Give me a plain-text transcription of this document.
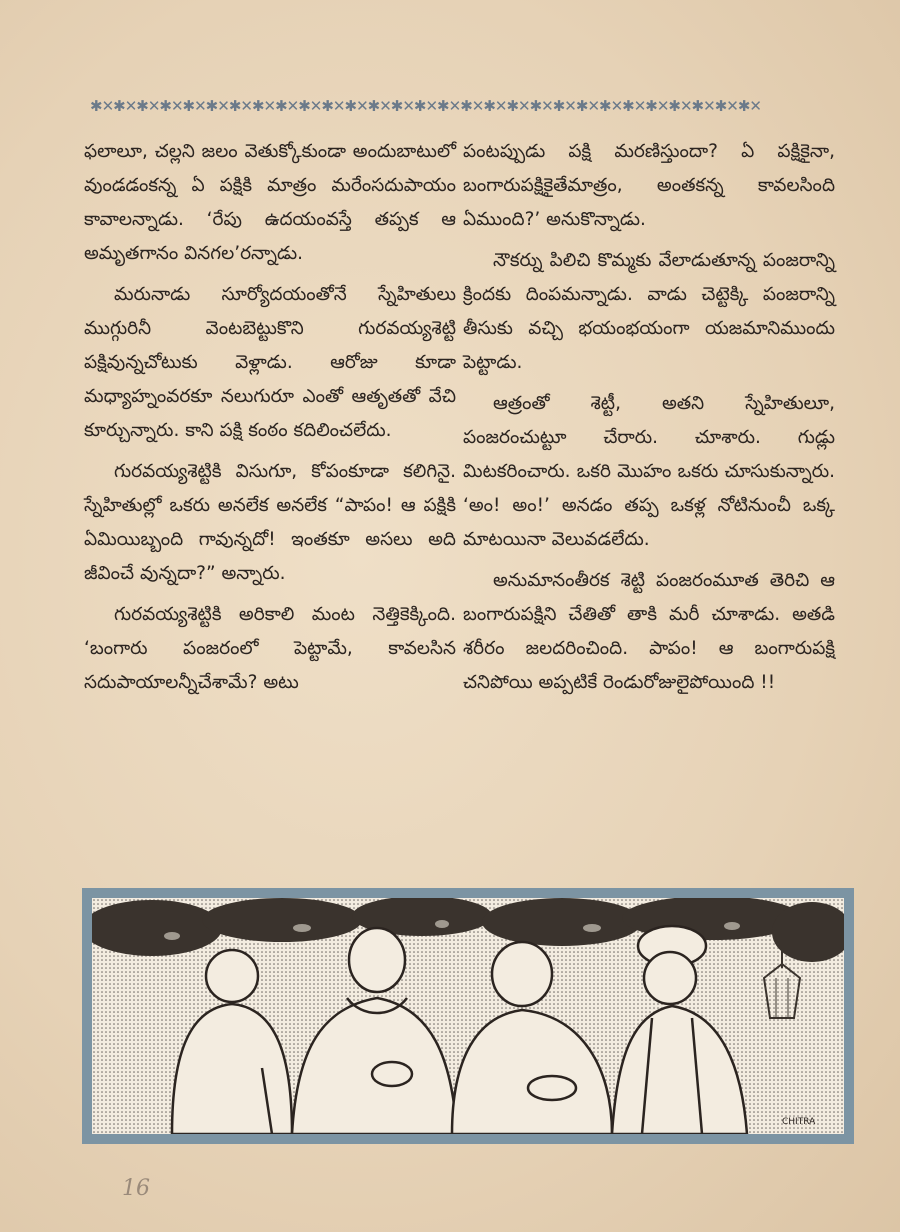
✱✕✱✕✱✕✱✕✱✕✱✕✱✕✱✕✱✕✱✕✱✕✱✕✱✕✱✕✱✕✱✕✱✕✱✕✱✕✱✕✱✕✱✕✱✕✱✕✱✕✱✕✱✕✱✕✱✕

ఫలాలూ, చల్లని జలం వెతుక్కోకుండా అందుబాటులో వుండడంకన్న ఏ పక్షికి మాత్రం మరేంసదుపాయం కావాలన్నాడు. ‘రేపు ఉదయంవస్తే తప్పక ఆ అమృతగానం వినగల’రన్నాడు.

మరునాడు సూర్యోదయంతోనే స్నేహితులు ముగ్గురినీ వెంటబెట్టుకొని గురవయ్యశెట్టి పక్షివున్నచోటుకు వెళ్లాడు. ఆరోజు కూడా మధ్యాహ్నంవరకూ నలుగురూ ఎంతో ఆతృతతో వేచి కూర్చున్నారు. కాని పక్షి కంఠం కదిలించలేదు.

గురవయ్యశెట్టికి విసుగూ, కోపంకూడా కలిగినై. స్నేహితుల్లో ఒకరు అనలేక అనలేక “పాపం! ఆ పక్షికి ఏమియిబ్బంది గావున్నదో! ఇంతకూ అసలు అది జీవించే వున్నదా?” అన్నారు.

గురవయ్యశెట్టికి అరికాలి మంట నెత్తికెక్కింది. ‘బంగారు పంజరంలో పెట్టామే, కావలసిన సదుపాయాలన్నీచేశామే? అటు

పంటప్పుడు పక్షి మరణిస్తుందా? ఏ పక్షికైనా, బంగారుపక్షికైతేమాత్రం, అంతకన్న కావలసింది ఏముంది?’ అనుకొన్నాడు.

నౌకర్ను పిలిచి కొమ్మకు వేలాడుతూన్న పంజరాన్ని క్రిందకు దింపమన్నాడు. వాడు చెట్టెక్కి పంజరాన్ని తీసుకు వచ్చి భయంభయంగా యజమానిముందు పెట్టాడు.

ఆత్రంతో శెట్టీ, అతని స్నేహితులూ, పంజరంచుట్టూ చేరారు. చూశారు. గుడ్లు మిటకరించారు. ఒకరి మొహం ఒకరు చూసుకున్నారు. ‘అం! అం!’ అనడం తప్ప ఒకళ్ల నోటినుంచీ ఒక్క మాటయినా వెలువడలేదు.

అనుమానంతీరక శెట్టి పంజరంమూత తెరిచి ఆ బంగారుపక్షిని చేతితో తాకి మరీ చూశాడు. అతడి శరీరం జలదరించింది. పాపం! ఆ బంగారుపక్షి చనిపోయి అప్పటికే రెండురోజులైపోయింది !!

CHITRA
16
